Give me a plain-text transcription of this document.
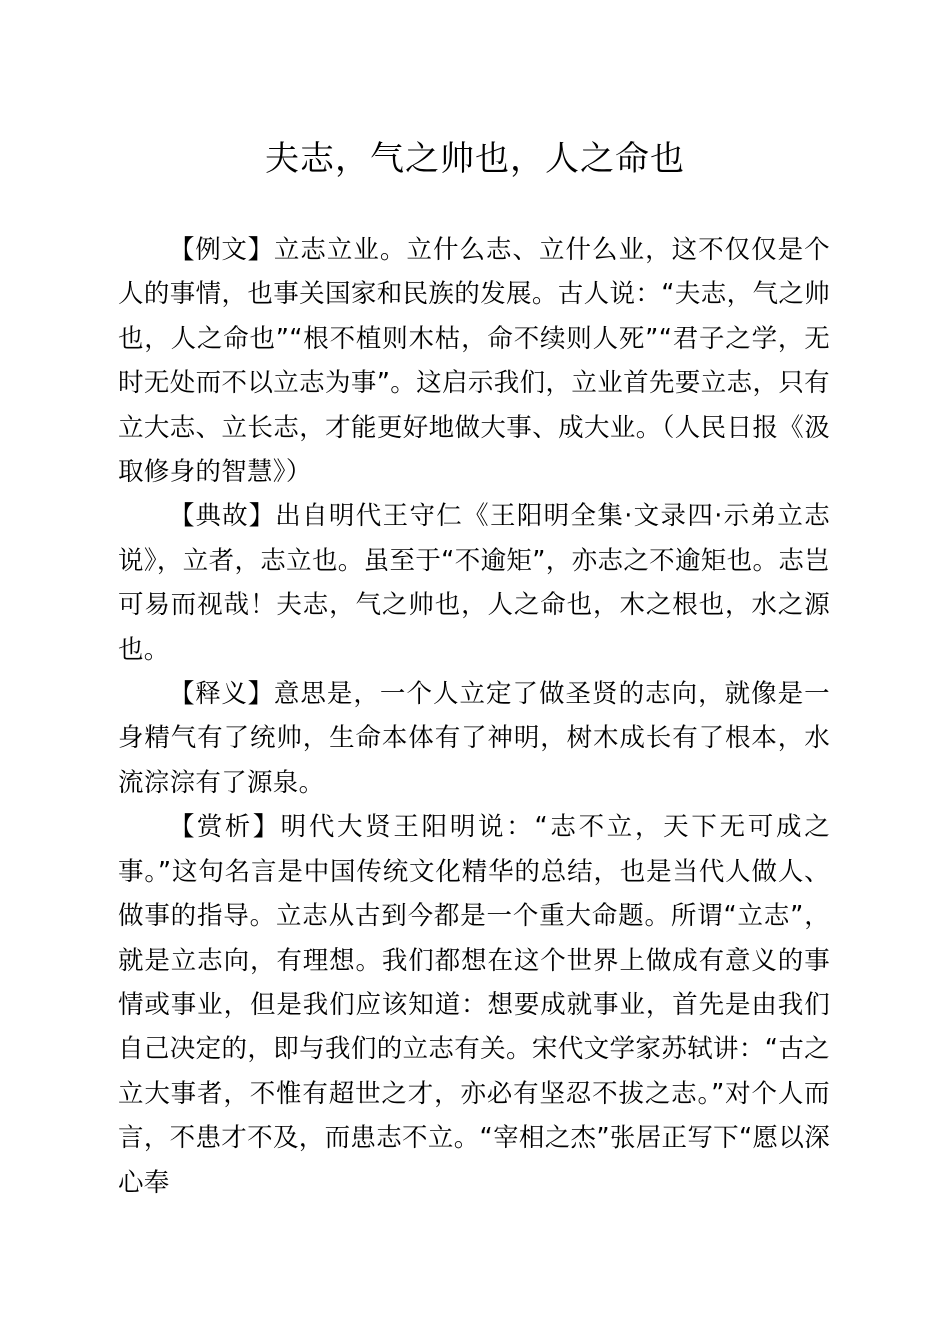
夫志，气之帅也，人之命也

【例文】立志立业。立什么志、立什么业，这不仅仅是个人的事情，也事关国家和民族的发展。古人说：“夫志，气之帅也，人之命也”“根不植则木枯，命不续则人死”“君子之学，无时无处而不以立志为事”。这启示我们，立业首先要立志，只有立大志、立长志，才能更好地做大事、成大业。（人民日报《汲取修身的智慧》）

【典故】出自明代王守仁《王阳明全集·文录四·示弟立志说》，立者，志立也。虽至于“不逾矩”，亦志之不逾矩也。志岂可易而视哉！夫志，气之帅也，人之命也，木之根也，水之源也。

【释义】意思是，一个人立定了做圣贤的志向，就像是一身精气有了统帅，生命本体有了神明，树木成长有了根本，水流淙淙有了源泉。

【赏析】明代大贤王阳明说：“志不立，天下无可成之事。”这句名言是中国传统文化精华的总结，也是当代人做人、做事的指导。立志从古到今都是一个重大命题。所谓“立志”，就是立志向，有理想。我们都想在这个世界上做成有意义的事情或事业，但是我们应该知道：想要成就事业，首先是由我们自己决定的，即与我们的立志有关。宋代文学家苏轼讲：“古之立大事者，不惟有超世之才，亦必有坚忍不拔之志。”对个人而言，不患才不及，而患志不立。“宰相之杰”张居正写下“愿以深心奉
